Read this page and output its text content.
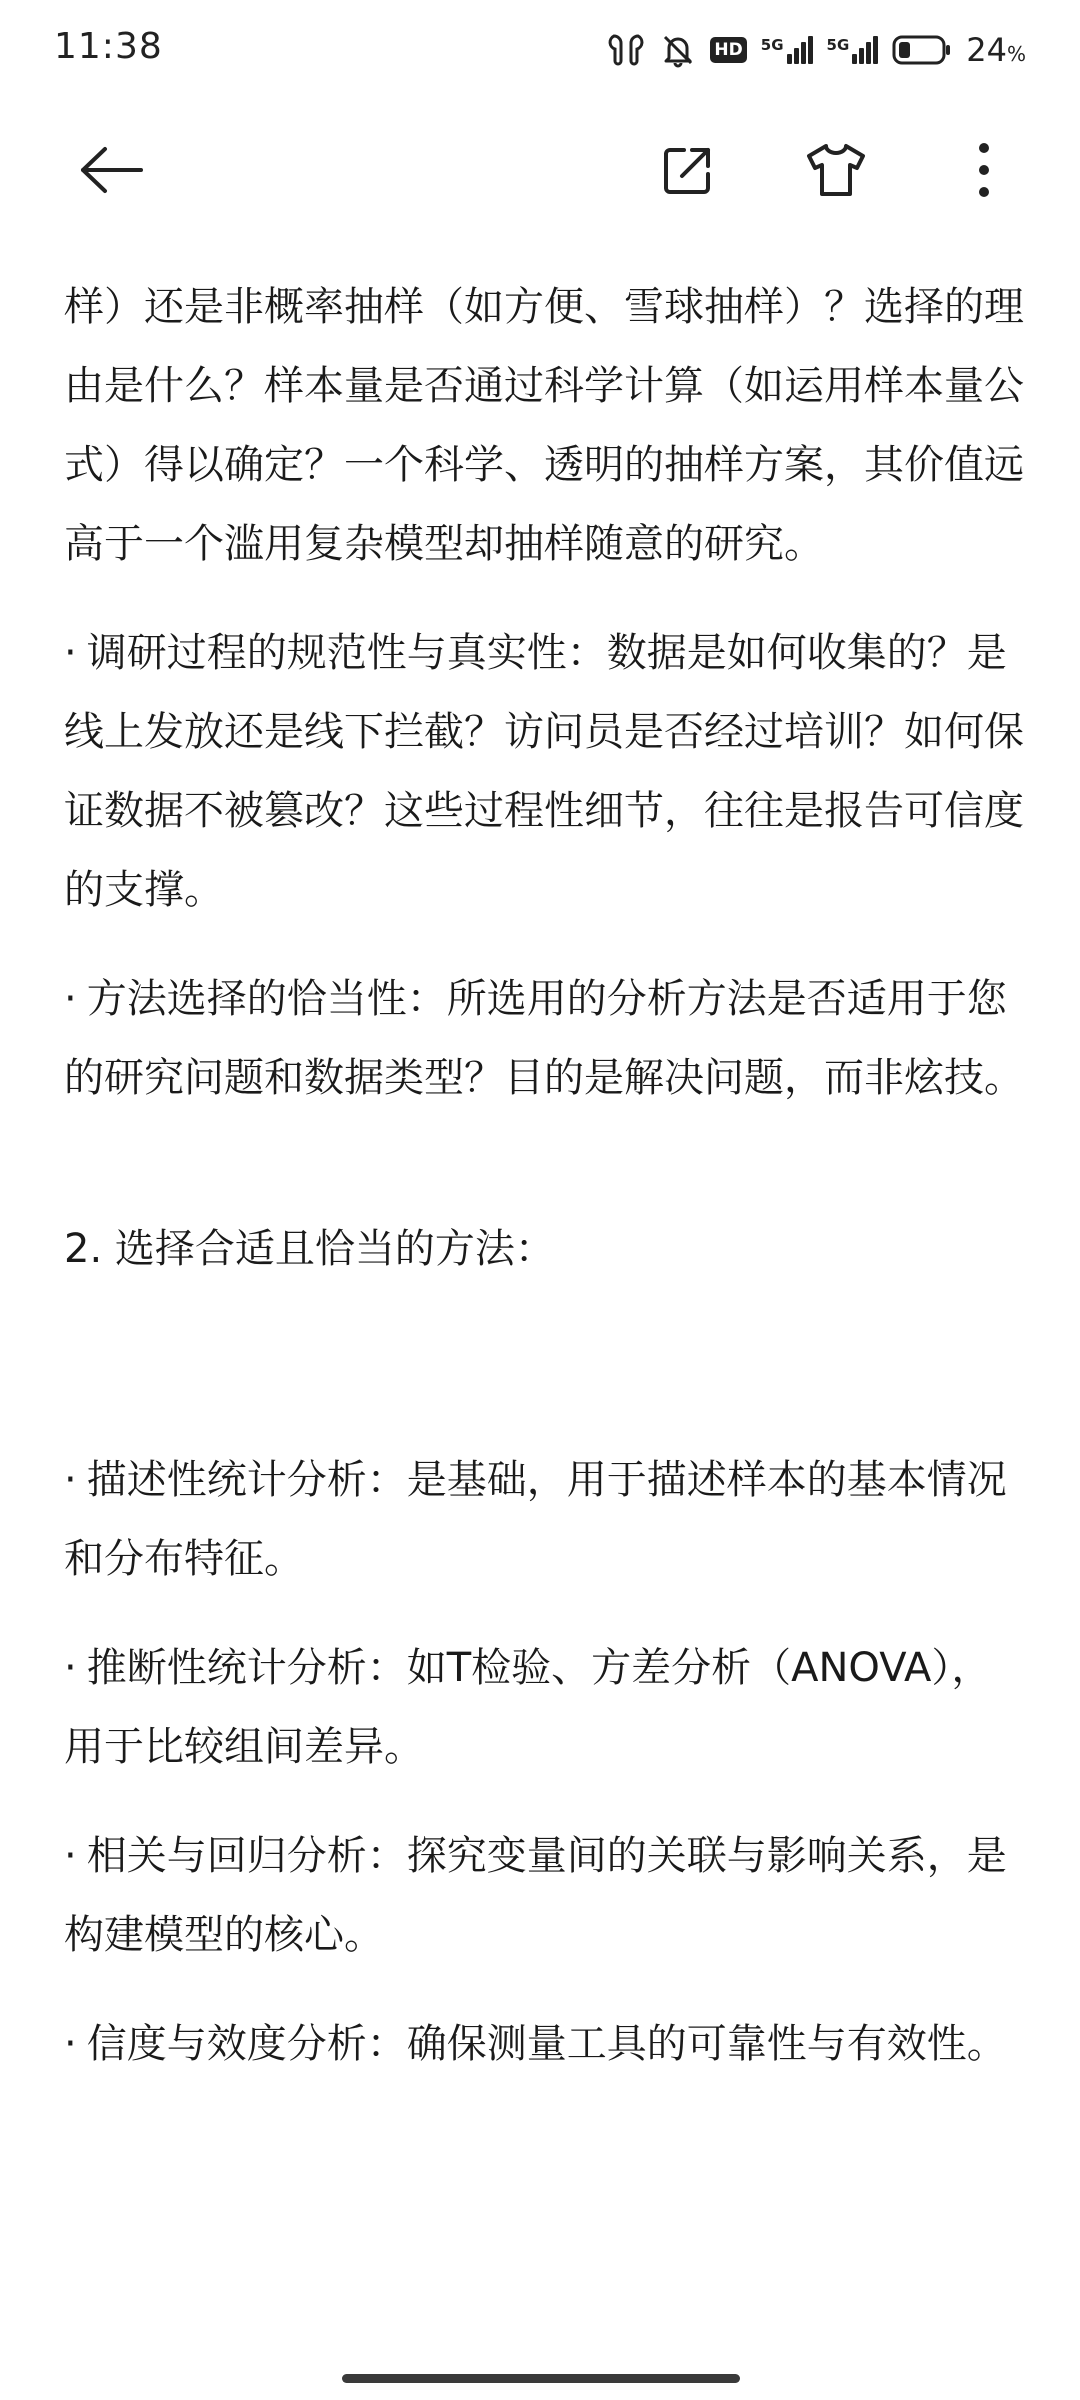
11:38	HD 5G	5G	24%

样）还是非概率抽样（如方便、雪球抽样）？选择的理由是什么？样本量是否通过科学计算（如运用样本量公式）得以确定？一个科学、透明的抽样方案，其价值远高于一个滥用复杂模型却抽样随意的研究。

· 调研过程的规范性与真实性：数据是如何收集的？是线上发放还是线下拦截？访问员是否经过培训？如何保证数据不被篡改？这些过程性细节，往往是报告可信度的支撑。

· 方法选择的恰当性：所选用的分析方法是否适用于您的研究问题和数据类型？目的是解决问题，而非炫技。

2. 选择合适且恰当的方法：

· 描述性统计分析：是基础，用于描述样本的基本情况和分布特征。

· 推断性统计分析：如T检验、方差分析（ANOVA），用于比较组间差异。

· 相关与回归分析：探究变量间的关联与影响关系，是构建模型的核心。

· 信度与效度分析：确保测量工具的可靠性与有效性。
